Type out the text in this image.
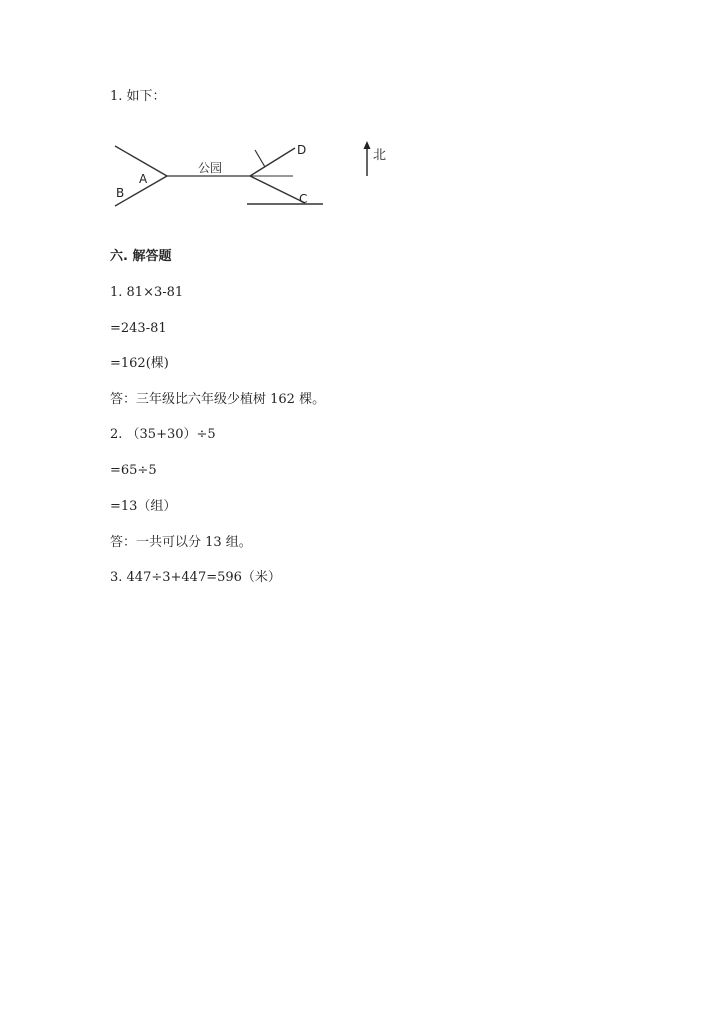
1. 如下：
公园
A
B
D
C
北
六. 解答题
1. 81×3-81
=243-81
=162(棵)
答：三年级比六年级少植树 162 棵。
2. （35+30）÷5
=65÷5
=13（组）
答：一共可以分 13 组。
3. 447÷3+447=596（米）
